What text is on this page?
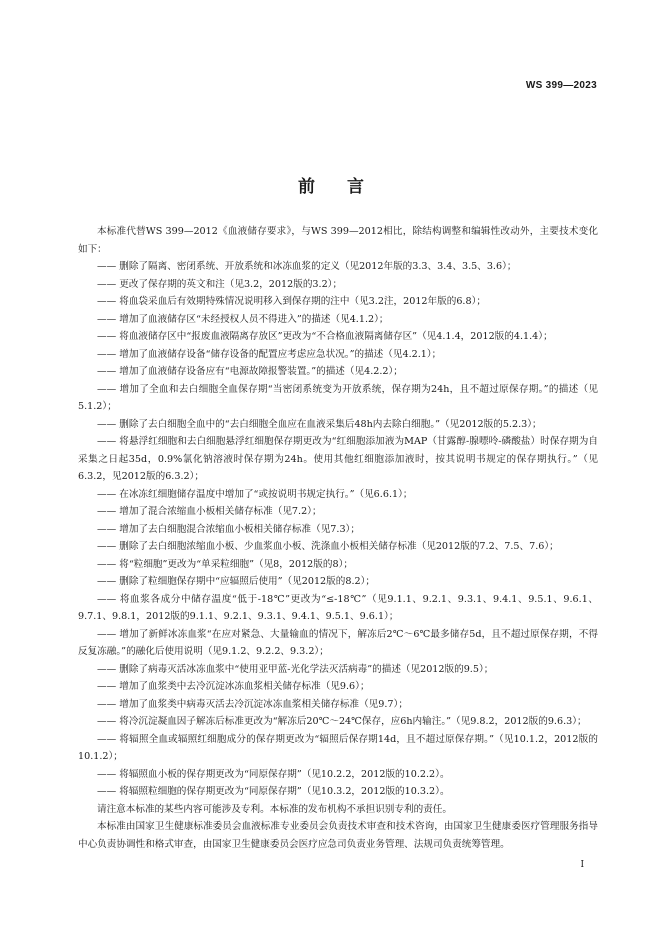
WS 399—2023
前言

本标准代替WS 399—2012《血液储存要求》，与WS 399—2012相比，除结构调整和编辑性改动外，主要技术变化如下：

—— 删除了隔离、密闭系统、开放系统和冰冻血浆的定义（见2012年版的3.3、3.4、3.5、3.6）；

—— 更改了保存期的英文和注（见3.2，2012版的3.2）；

—— 将血袋采血后有效期特殊情况说明移入到保存期的注中（见3.2注，2012年版的6.8）；

—— 增加了血液储存区“未经授权人员不得进入”的描述（见4.1.2）；

—— 将血液储存区中“报废血液隔离存放区”更改为“不合格血液隔离储存区”（见4.1.4，2012版的4.1.4）；

—— 增加了血液储存设备“储存设备的配置应考虑应急状况。”的描述（见4.2.1）；

—— 增加了血液储存设备应有“电源故障报警装置。”的描述（见4.2.2）；

—— 增加了全血和去白细胞全血保存期“当密闭系统变为开放系统，保存期为24h，且不超过原保存期。”的描述（见5.1.2）；

—— 删除了去白细胞全血中的“去白细胞全血应在血液采集后48h内去除白细胞。”（见2012版的5.2.3）；

—— 将悬浮红细胞和去白细胞悬浮红细胞保存期更改为“红细胞添加液为MAP（甘露醇-腺嘌呤-磷酸盐）时保存期为自采集之日起35d，0.9%氯化钠溶液时保存期为24h。使用其他红细胞添加液时，按其说明书规定的保存期执行。”（见6.3.2，见2012版的6.3.2）；

—— 在冰冻红细胞储存温度中增加了“或按说明书规定执行。”（见6.6.1）；

—— 增加了混合浓缩血小板相关储存标准（见7.2）；

—— 增加了去白细胞混合浓缩血小板相关储存标准（见7.3）；

—— 删除了去白细胞浓缩血小板、少血浆血小板、洗涤血小板相关储存标准（见2012版的7.2、7.5、7.6）；

—— 将“粒细胞”更改为“单采粒细胞”（见8，2012版的8）；

—— 删除了粒细胞保存期中“应辐照后使用”（见2012版的8.2）；

—— 将血浆各成分中储存温度“低于-18℃”更改为“≤-18℃”（见9.1.1、9.2.1、9.3.1、9.4.1、9.5.1、9.6.1、9.7.1、9.8.1，2012版的9.1.1、9.2.1、9.3.1、9.4.1、9.5.1、9.6.1）；

—— 增加了新鲜冰冻血浆“在应对紧急、大量输血的情况下，解冻后2℃～6℃最多储存5d，且不超过原保存期，不得反复冻融。”的融化后使用说明（见9.1.2、9.2.2、9.3.2）；

—— 删除了病毒灭活冰冻血浆中“使用亚甲蓝-光化学法灭活病毒”的描述（见2012版的9.5）；

—— 增加了血浆类中去冷沉淀冰冻血浆相关储存标准（见9.6）；

—— 增加了血浆类中病毒灭活去冷沉淀冰冻血浆相关储存标准（见9.7）；

—— 将冷沉淀凝血因子解冻后标准更改为“解冻后20℃～24℃保存，应6h内输注。”（见9.8.2，2012版的9.6.3）；

—— 将辐照全血或辐照红细胞成分的保存期更改为“辐照后保存期14d，且不超过原保存期。”（见10.1.2，2012版的10.1.2）；

—— 将辐照血小板的保存期更改为“同原保存期”（见10.2.2，2012版的10.2.2）。

—— 将辐照粒细胞的保存期更改为“同原保存期”（见10.3.2，2012版的10.3.2）。

请注意本标准的某些内容可能涉及专利。本标准的发布机构不承担识别专利的责任。

本标准由国家卫生健康标准委员会血液标准专业委员会负责技术审查和技术咨询，由国家卫生健康委医疗管理服务指导中心负责协调性和格式审查，由国家卫生健康委员会医疗应急司负责业务管理、法规司负责统筹管理。

I
